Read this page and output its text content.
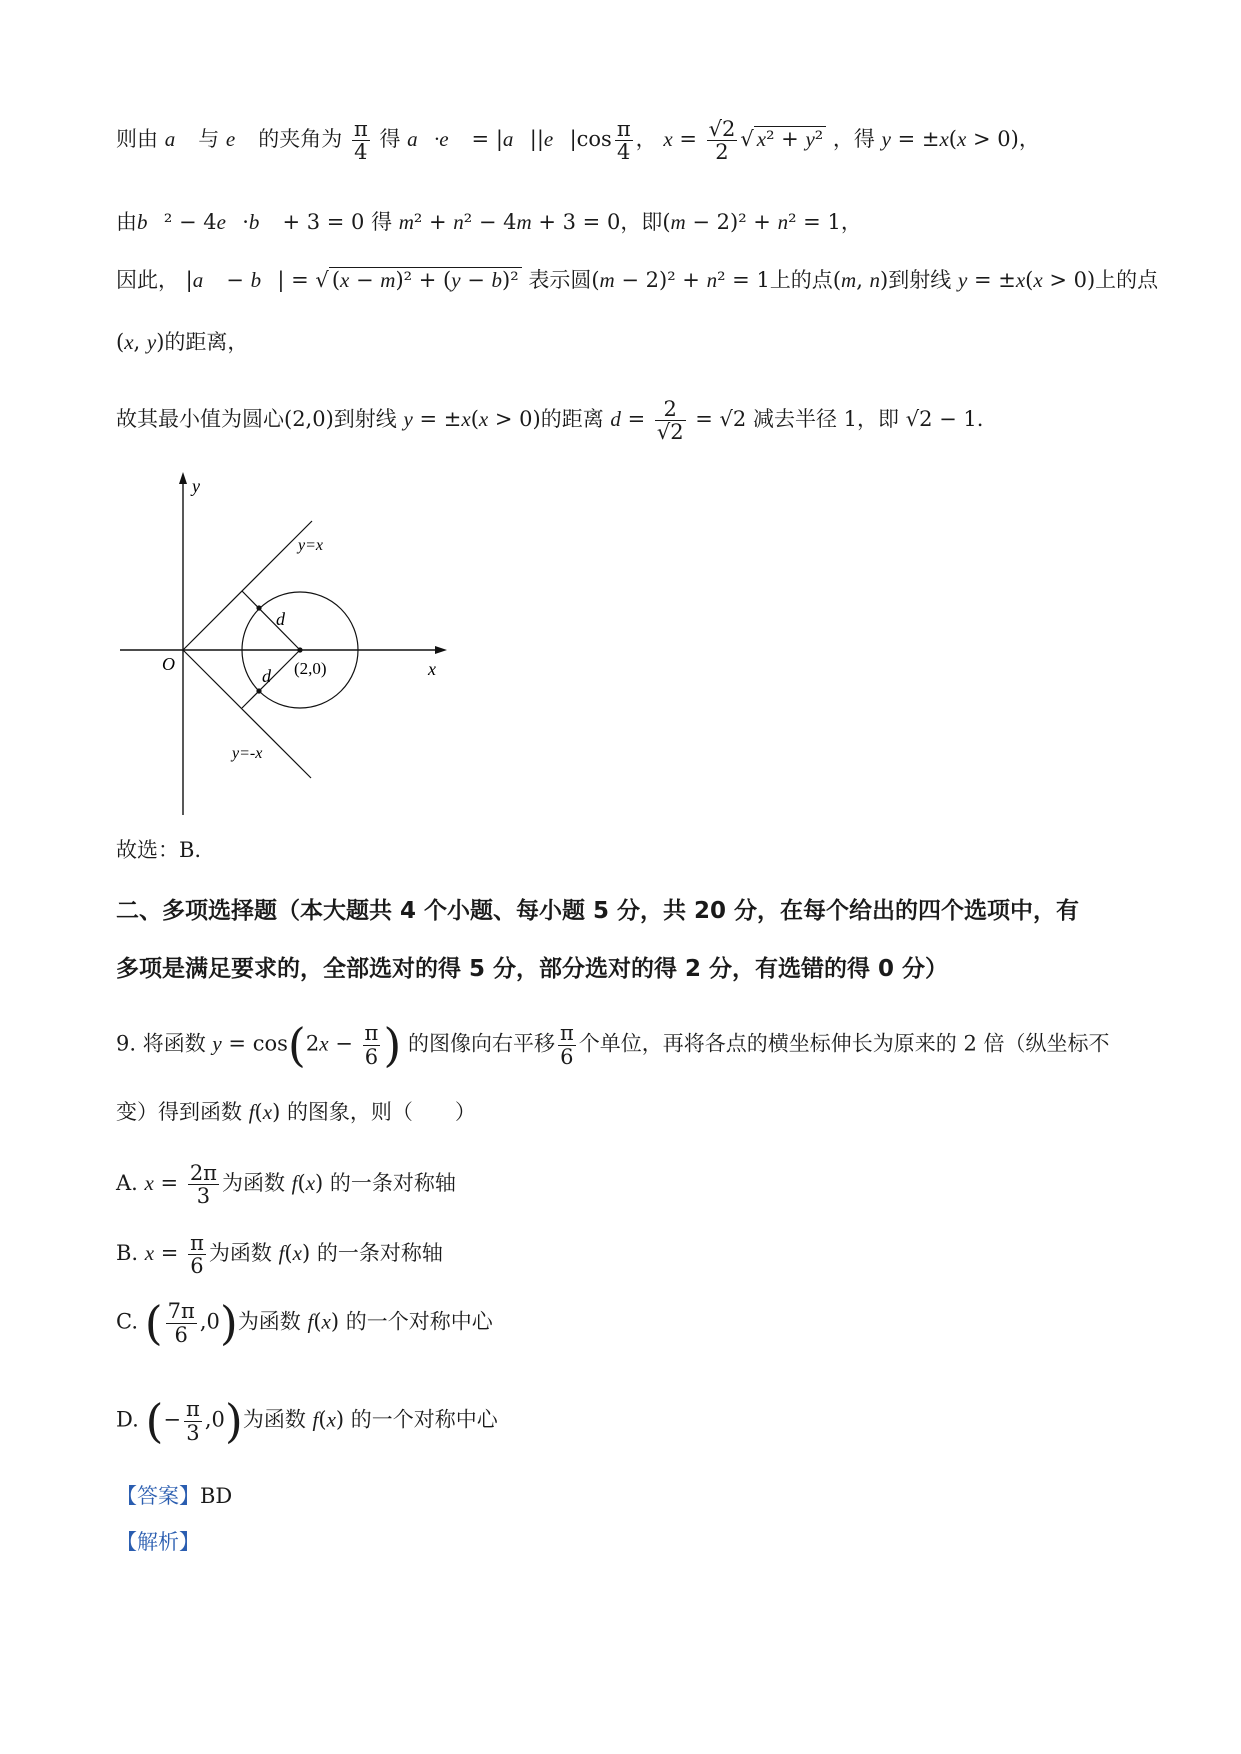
则由 a⃗ 与 e⃗ 的夹角为 $\frac{\pi}{4}$ 得 a⃗·e⃗ = |a⃗||e⃗|cos $\frac{\pi}{4}$ ， $x = \frac{√2}{2}$ √ x² + y² ，得 y = ±x(x > 0)，
由b⃗² − 4e⃗·b⃗ + 3 = 0 得 m² + n² − 4m + 3 = 0，即(m − 2)² + n² = 1，
因此， |a⃗ − b⃗| = √ (x − m)² + (y − b)² 表示圆(m − 2)² + n² = 1上的点(m, n)到射线 y = ±x(x > 0)上的点
(x, y)的距离，
故其最小值为圆心(2,0)到射线 y = ±x(x > 0)的距离 $d = \frac{2}{√2} = √2$ 减去半径 1，即 √2 − 1.
y
x
O
y=x
y=-x
d
d (2,0)
故选：B.
二、多项选择题（本大题共 4 个小题、每小题 5 分，共 20 分，在每个给出的四个选项中，有
多项是满足要求的，全部选对的得 5 分，部分选对的得 2 分，有选错的得 0 分）
9. 将函数 $y = \cos(2x - \frac{\pi}{6}$ ) 的图像向右平移 $\frac{\pi}{6}$ 个单位，再将各点的横坐标伸长为原来的 2 倍（纵坐标不
变）得到函数 f(x) 的图象，则（　　）
A. $x = \frac{2\pi}{3}$ 为函数 f(x) 的一条对称轴
B. $x = \frac{\pi}{6}$ 为函数 f(x) 的一条对称轴
C. ( $\frac{7\pi}{6} ,0$)为函数 f(x) 的一个对称中心
D. (− $\frac{\pi}{3} ,0$)为函数 f(x) 的一个对称中心
【答案】BD
【解析】
